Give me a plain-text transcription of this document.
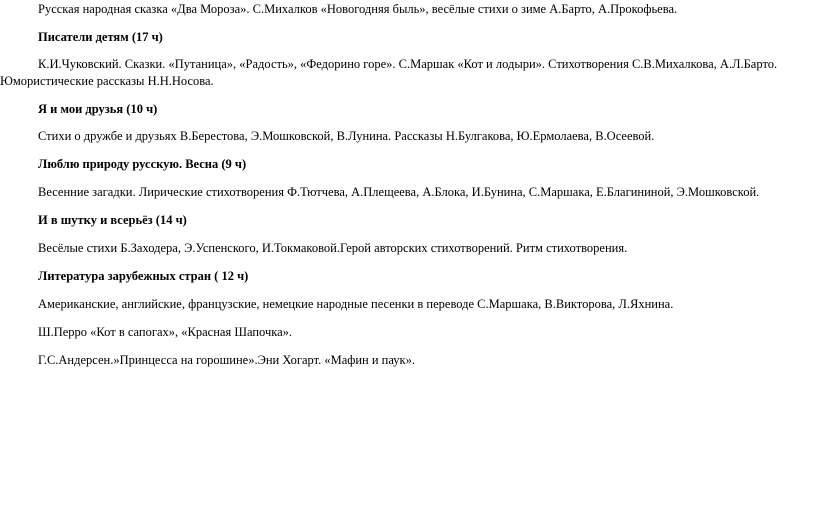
Русская народная сказка «Два Мороза». С.Михалков «Новогодняя быль», весёлые стихи о зиме А.Барто, А.Прокофьева.
Писатели детям (17 ч)
К.И.Чуковский. Сказки. «Путаница», «Радость», «Федорино горе». С.Маршак «Кот и лодыри». Стихотворения С.В.Михалкова, А.Л.Барто.
Юмористические рассказы Н.Н.Носова.
Я и мои друзья (10 ч)
Стихи о дружбе и друзьях В.Берестова, Э.Мошковской, В.Лунина. Рассказы Н.Булгакова, Ю.Ермолаева, В.Осеевой.
Люблю природу русскую. Весна (9 ч)
Весенние загадки. Лирические стихотворения Ф.Тютчева, А.Плещеева, А.Блока, И.Бунина, С.Маршака, Е.Благининой, Э.Мошковской.
И в шутку и всерьёз (14 ч)
Весёлые стихи Б.Заходера, Э.Успенского, И.Токмаковой.Герой авторских стихотворений. Ритм стихотворения.
Литература зарубежных стран ( 12 ч)
Американские, английские, французские, немецкие народные песенки в переводе С.Маршака, В.Викторова, Л.Яхнина.
Ш.Перро «Кот в сапогах», «Красная Шапочка».
Г.С.Андерсен.»Принцесса на горошине».Эни Хогарт. «Мафин и паук».
